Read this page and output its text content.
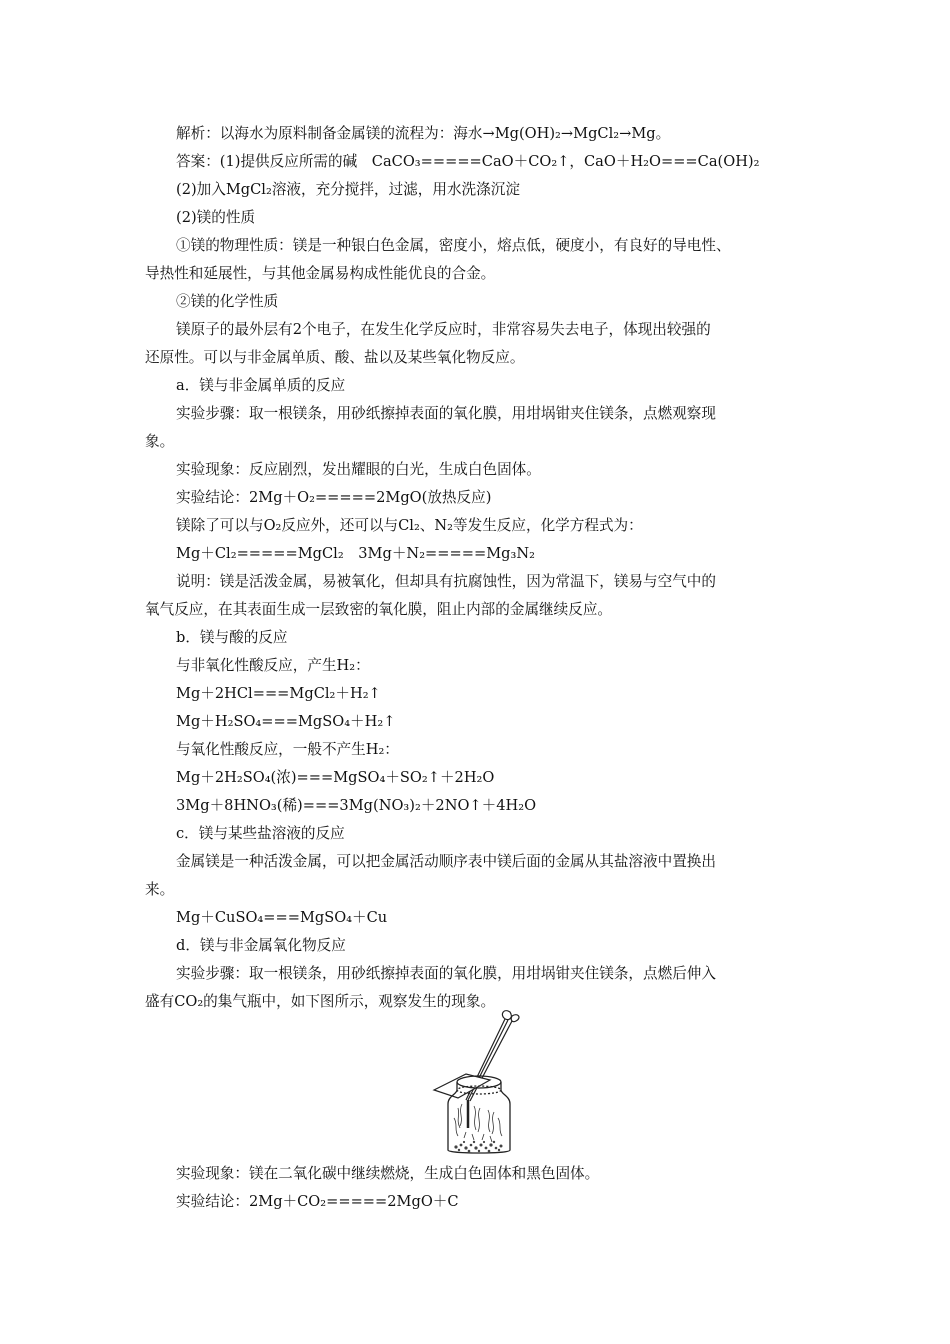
解析：以海水为原料制备金属镁的流程为：海水→Mg(OH)₂→MgCl₂→Mg。
答案：(1)提供反应所需的碱　CaCO₃=====CaO＋CO₂↑，CaO＋H₂O===Ca(OH)₂
(2)加入MgCl₂溶液，充分搅拌，过滤，用水洗涤沉淀
(2)镁的性质
①镁的物理性质：镁是一种银白色金属，密度小，熔点低，硬度小，有良好的导电性、
导热性和延展性，与其他金属易构成性能优良的合金。
②镁的化学性质
镁原子的最外层有2个电子，在发生化学反应时，非常容易失去电子，体现出较强的
还原性。可以与非金属单质、酸、盐以及某些氧化物反应。
a．镁与非金属单质的反应
实验步骤：取一根镁条，用砂纸擦掉表面的氧化膜，用坩埚钳夹住镁条，点燃观察现
象。
实验现象：反应剧烈，发出耀眼的白光，生成白色固体。
实验结论：2Mg＋O₂=====2MgO(放热反应)
镁除了可以与O₂反应外，还可以与Cl₂、N₂等发生反应，化学方程式为：
Mg＋Cl₂=====MgCl₂　3Mg＋N₂=====Mg₃N₂
说明：镁是活泼金属，易被氧化，但却具有抗腐蚀性，因为常温下，镁易与空气中的
氧气反应，在其表面生成一层致密的氧化膜，阻止内部的金属继续反应。
b．镁与酸的反应
与非氧化性酸反应，产生H₂：
Mg＋2HCl===MgCl₂＋H₂↑
Mg＋H₂SO₄===MgSO₄＋H₂↑
与氧化性酸反应，一般不产生H₂：
Mg＋2H₂SO₄(浓)===MgSO₄＋SO₂↑＋2H₂O
3Mg＋8HNO₃(稀)===3Mg(NO₃)₂＋2NO↑＋4H₂O
c．镁与某些盐溶液的反应
金属镁是一种活泼金属，可以把金属活动顺序表中镁后面的金属从其盐溶液中置换出
来。
Mg＋CuSO₄===MgSO₄＋Cu
d．镁与非金属氧化物反应
实验步骤：取一根镁条，用砂纸擦掉表面的氧化膜，用坩埚钳夹住镁条，点燃后伸入
盛有CO₂的集气瓶中，如下图所示，观察发生的现象。
实验现象：镁在二氧化碳中继续燃烧，生成白色固体和黑色固体。
实验结论：2Mg＋CO₂=====2MgO＋C
